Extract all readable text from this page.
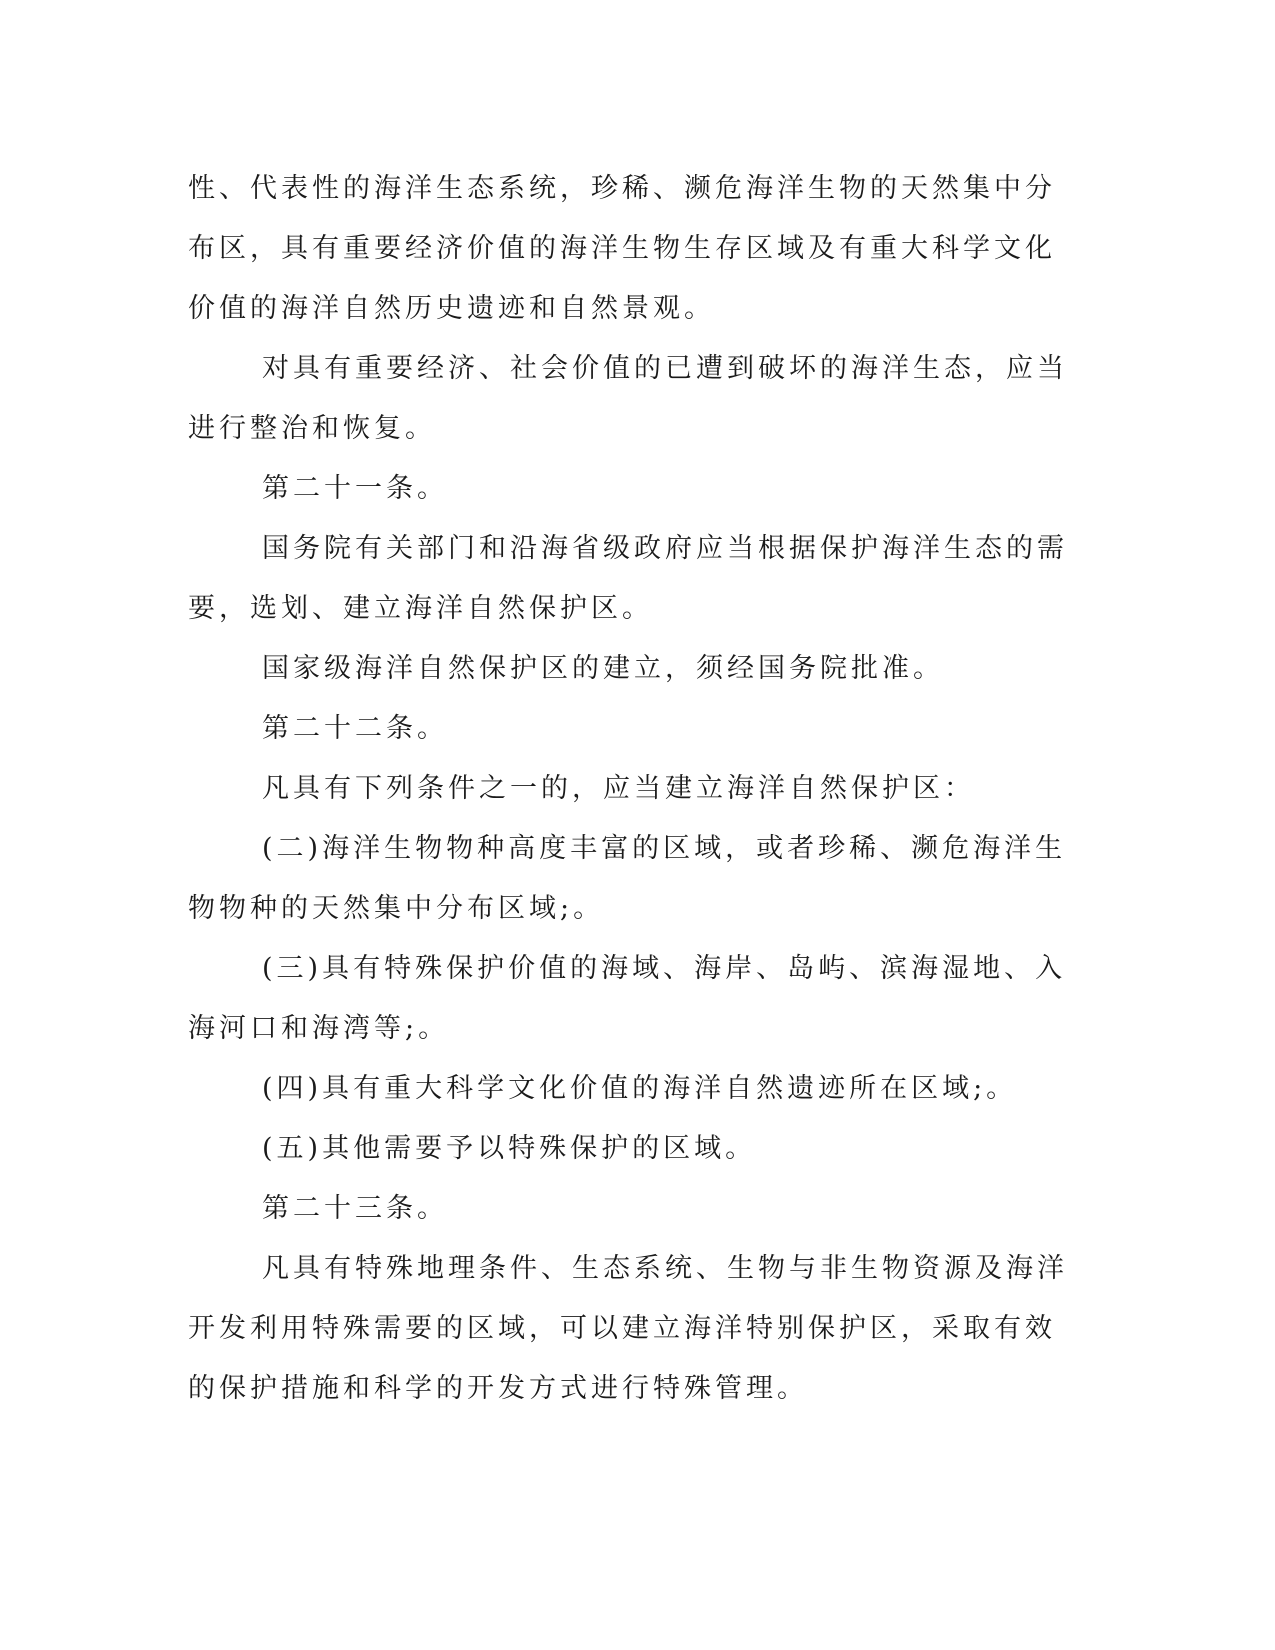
性、代表性的海洋生态系统，珍稀、濒危海洋生物的天然集中分布区，具有重要经济价值的海洋生物生存区域及有重大科学文化价值的海洋自然历史遗迹和自然景观。

对具有重要经济、社会价值的已遭到破坏的海洋生态，应当进行整治和恢复。

第二十一条。

国务院有关部门和沿海省级政府应当根据保护海洋生态的需要，选划、建立海洋自然保护区。

国家级海洋自然保护区的建立，须经国务院批准。

第二十二条。

凡具有下列条件之一的，应当建立海洋自然保护区：

(二)海洋生物物种高度丰富的区域，或者珍稀、濒危海洋生物物种的天然集中分布区域;。

(三)具有特殊保护价值的海域、海岸、岛屿、滨海湿地、入海河口和海湾等;。

(四)具有重大科学文化价值的海洋自然遗迹所在区域;。

(五)其他需要予以特殊保护的区域。

第二十三条。

凡具有特殊地理条件、生态系统、生物与非生物资源及海洋开发利用特殊需要的区域，可以建立海洋特别保护区，采取有效的保护措施和科学的开发方式进行特殊管理。
